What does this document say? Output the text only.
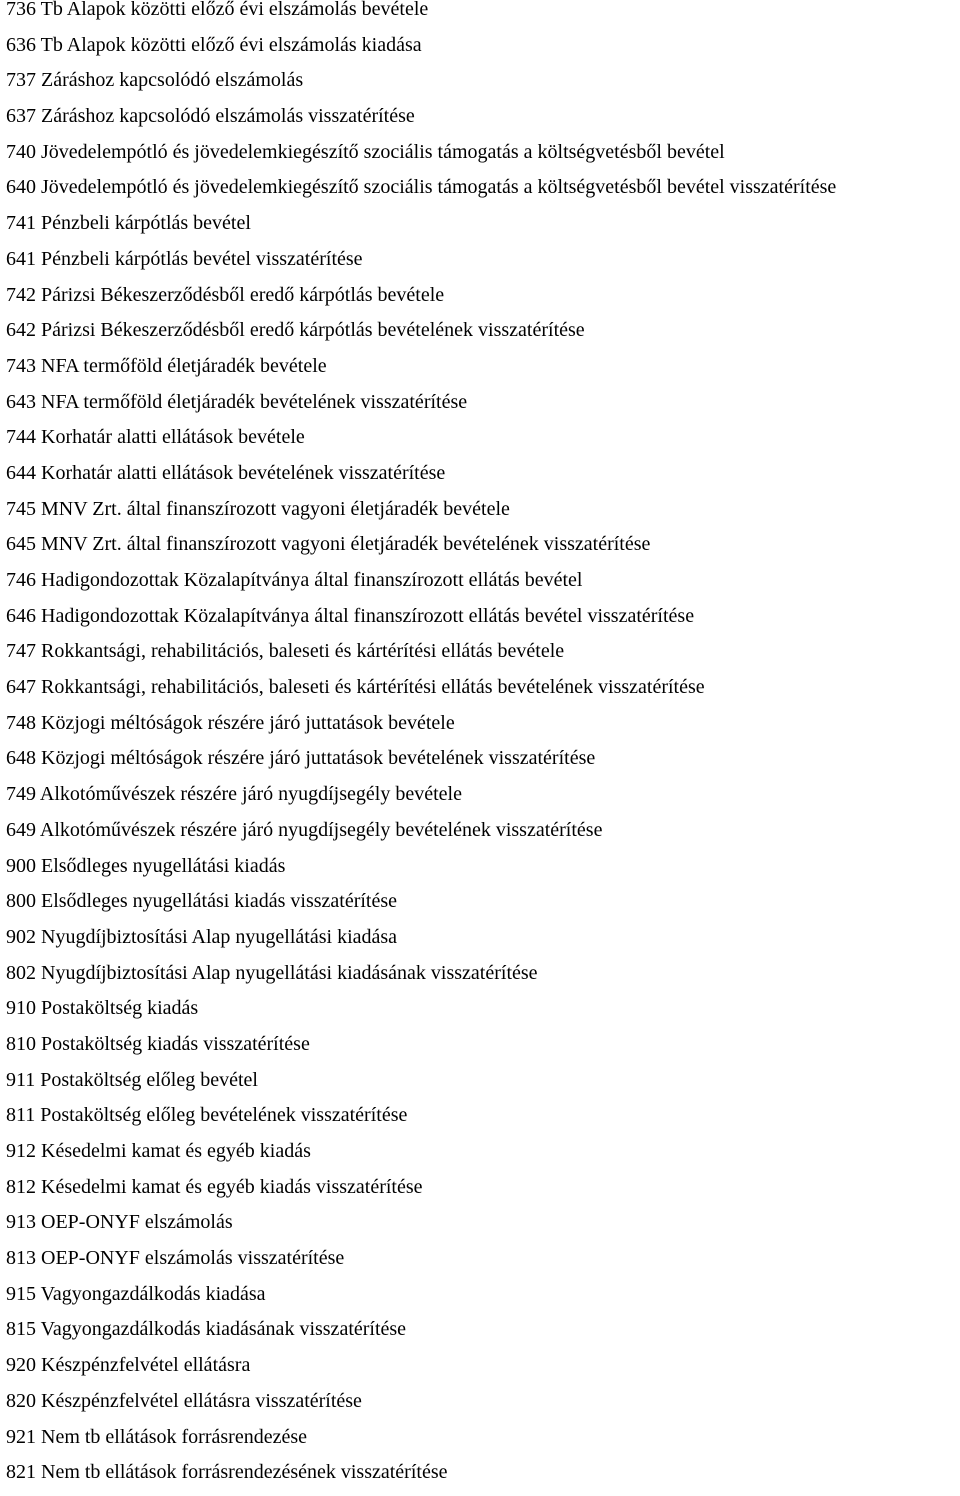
736 Tb Alapok közötti előző évi elszámolás bevétele
636 Tb Alapok közötti előző évi elszámolás kiadása
737 Záráshoz kapcsolódó elszámolás
637 Záráshoz kapcsolódó elszámolás visszatérítése
740 Jövedelempótló és jövedelemkiegészítő szociális támogatás a költségvetésből bevétel
640 Jövedelempótló és jövedelemkiegészítő szociális támogatás a költségvetésből bevétel visszatérítése
741 Pénzbeli kárpótlás bevétel
641 Pénzbeli kárpótlás bevétel visszatérítése
742 Párizsi Békeszerződésből eredő kárpótlás bevétele
642 Párizsi Békeszerződésből eredő kárpótlás bevételének visszatérítése
743 NFA termőföld életjáradék bevétele
643 NFA termőföld életjáradék bevételének visszatérítése
744 Korhatár alatti ellátások bevétele
644 Korhatár alatti ellátások bevételének visszatérítése
745 MNV Zrt. által finanszírozott vagyoni életjáradék bevétele
645 MNV Zrt. által finanszírozott vagyoni életjáradék bevételének visszatérítése
746 Hadigondozottak Közalapítványa által finanszírozott ellátás bevétel
646 Hadigondozottak Közalapítványa által finanszírozott ellátás bevétel visszatérítése
747 Rokkantsági, rehabilitációs, baleseti és kártérítési ellátás bevétele
647 Rokkantsági, rehabilitációs, baleseti és kártérítési ellátás bevételének visszatérítése
748 Közjogi méltóságok részére járó juttatások bevétele
648 Közjogi méltóságok részére járó juttatások bevételének visszatérítése
749 Alkotóművészek részére járó nyugdíjsegély bevétele
649 Alkotóművészek részére járó nyugdíjsegély bevételének visszatérítése
900 Elsődleges nyugellátási kiadás
800 Elsődleges nyugellátási kiadás visszatérítése
902 Nyugdíjbiztosítási Alap nyugellátási kiadása
802 Nyugdíjbiztosítási Alap nyugellátási kiadásának visszatérítése
910 Postaköltség kiadás
810 Postaköltség kiadás visszatérítése
911 Postaköltség előleg bevétel
811 Postaköltség előleg bevételének visszatérítése
912 Késedelmi kamat és egyéb kiadás
812 Késedelmi kamat és egyéb kiadás visszatérítése
913 OEP-ONYF elszámolás
813 OEP-ONYF elszámolás visszatérítése
915 Vagyongazdálkodás kiadása
815 Vagyongazdálkodás kiadásának visszatérítése
920 Készpénzfelvétel ellátásra
820 Készpénzfelvétel ellátásra visszatérítése
921 Nem tb ellátások forrásrendezése
821 Nem tb ellátások forrásrendezésének visszatérítése
